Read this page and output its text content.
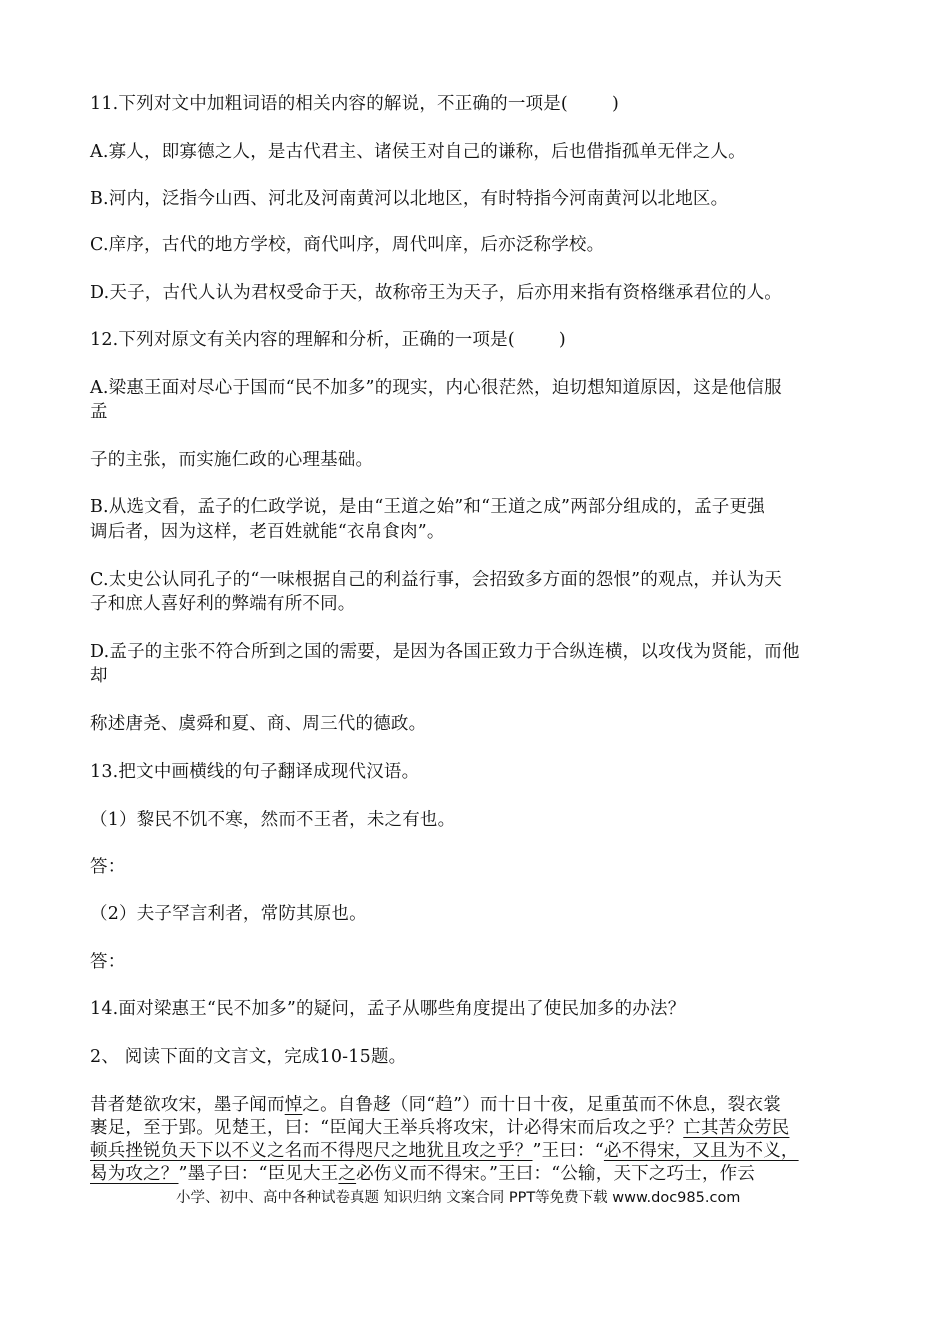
11.下列对文中加粗词语的相关内容的解说，不正确的一项是(	)
A.寡人，即寡德之人，是古代君主、诸侯王对自己的谦称，后也借指孤单无伴之人。
B.河内，泛指今山西、河北及河南黄河以北地区，有时特指今河南黄河以北地区。
C.庠序，古代的地方学校，商代叫序，周代叫庠，后亦泛称学校。
D.天子，古代人认为君权受命于天，故称帝王为天子，后亦用来指有资格继承君位的人。
12.下列对原文有关内容的理解和分析，正确的一项是(	)
A.梁惠王面对尽心于国而“民不加多”的现实，内心很茫然，迫切想知道原因，这是他信服
孟
子的主张，而实施仁政的心理基础。
B.从选文看，孟子的仁政学说，是由“王道之始”和“王道之成”两部分组成的，孟子更强
调后者，因为这样，老百姓就能“衣帛食肉”。
C.太史公认同孔子的“一味根据自己的利益行事，会招致多方面的怨恨”的观点，并认为天
子和庶人喜好利的弊端有所不同。
D.孟子的主张不符合所到之国的需要，是因为各国正致力于合纵连横，以攻伐为贤能，而他
却
称述唐尧、虞舜和夏、商、周三代的德政。
13.把文中画横线的句子翻译成现代汉语。
（1）黎民不饥不寒，然而不王者，未之有也。
答：
（2）夫子罕言利者，常防其原也。
答：
14.面对梁惠王“民不加多”的疑问，孟子从哪些角度提出了使民加多的办法？
2、 阅读下面的文言文，完成10-15题。
昔者楚欲攻宋，墨子闻而悼之。自鲁趍（同“趋”）而十日十夜，足重茧而不休息，裂衣裳
裹足，至于郢。见楚王，曰：“臣闻大王举兵将攻宋，计必得宋而后攻之乎？亡其苦众劳民
顿兵挫锐负天下以不义之名而不得咫尺之地犹且攻之乎？”王曰：“必不得宋，又且为不义，
曷为攻之？”墨子曰：“臣见大王之必伤义而不得宋。”王曰：“公输，天下之巧士，作云
小学、初中、高中各种试卷真题 知识归纳 文案合同 PPT等免费下载 www.doc985.com
